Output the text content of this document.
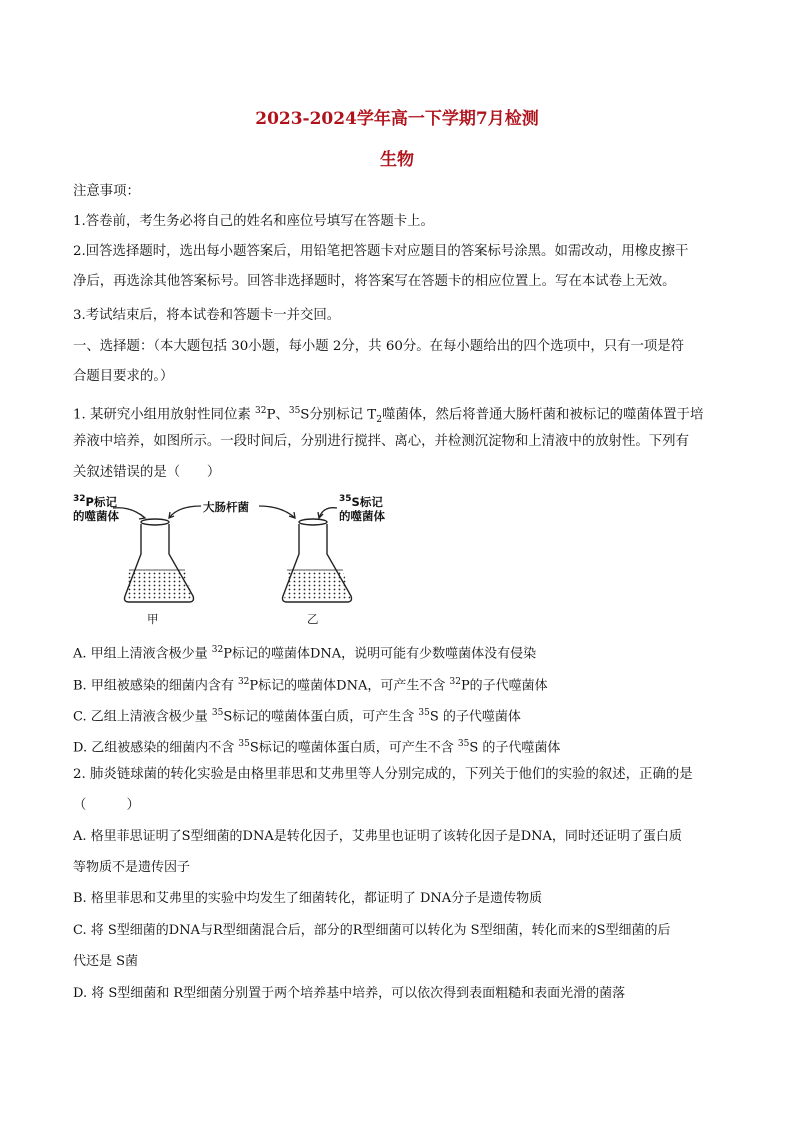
2023-2024学年高一下学期7月检测
生物
注意事项：
1.答卷前，考生务必将自己的姓名和座位号填写在答题卡上。
2.回答选择题时，选出每小题答案后，用铅笔把答题卡对应题目的答案标号涂黑。如需改动，用橡皮擦干
净后，再选涂其他答案标号。回答非选择题时，将答案写在答题卡的相应位置上。写在本试卷上无效。
3.考试结束后，将本试卷和答题卡一并交回。
一、选择题：（本大题包括 30小题，每小题 2分，共 60分。在每小题给出的四个选项中，只有一项是符
合题目要求的。）
1. 某研究小组用放射性同位素 $^{32}$P、$^{35}$S分别标记 $T_2$噬菌体，然后将普通大肠杆菌和被标记的噬菌体置于培
养液中培养，如图所示。一段时间后，分别进行搅拌、离心，并检测沉淀物和上清液中的放射性。下列有
关叙述错误的是（　　）
$^{32}$P标记
的噬菌体
大肠杆菌
$^{35}$S标记
的噬菌体
甲	乙
A. 甲组上清液含极少量 $^{32}$P标记的噬菌体DNA，说明可能有少数噬菌体没有侵染
B. 甲组被感染的细菌内含有 $^{32}$P标记的噬菌体DNA，可产生不含 $^{32}$P的子代噬菌体
C. 乙组上清液含极少量 $^{35}$S标记的噬菌体蛋白质，可产生含 $^{35}$S 的子代噬菌体
D. 乙组被感染的细菌内不含 $^{35}$S标记的噬菌体蛋白质，可产生不含 $^{35}$S 的子代噬菌体
2. 肺炎链球菌的转化实验是由格里菲思和艾弗里等人分别完成的，下列关于他们的实验的叙述，正确的是
（　　　）
A. 格里菲思证明了S型细菌的DNA是转化因子，艾弗里也证明了该转化因子是DNA，同时还证明了蛋白质
等物质不是遗传因子
B. 格里菲思和艾弗里的实验中均发生了细菌转化，都证明了 DNA分子是遗传物质
C. 将 S型细菌的DNA与R型细菌混合后，部分的R型细菌可以转化为 S型细菌，转化而来的S型细菌的后
代还是 S菌
D. 将 S型细菌和 R型细菌分别置于两个培养基中培养，可以依次得到表面粗糙和表面光滑的菌落
